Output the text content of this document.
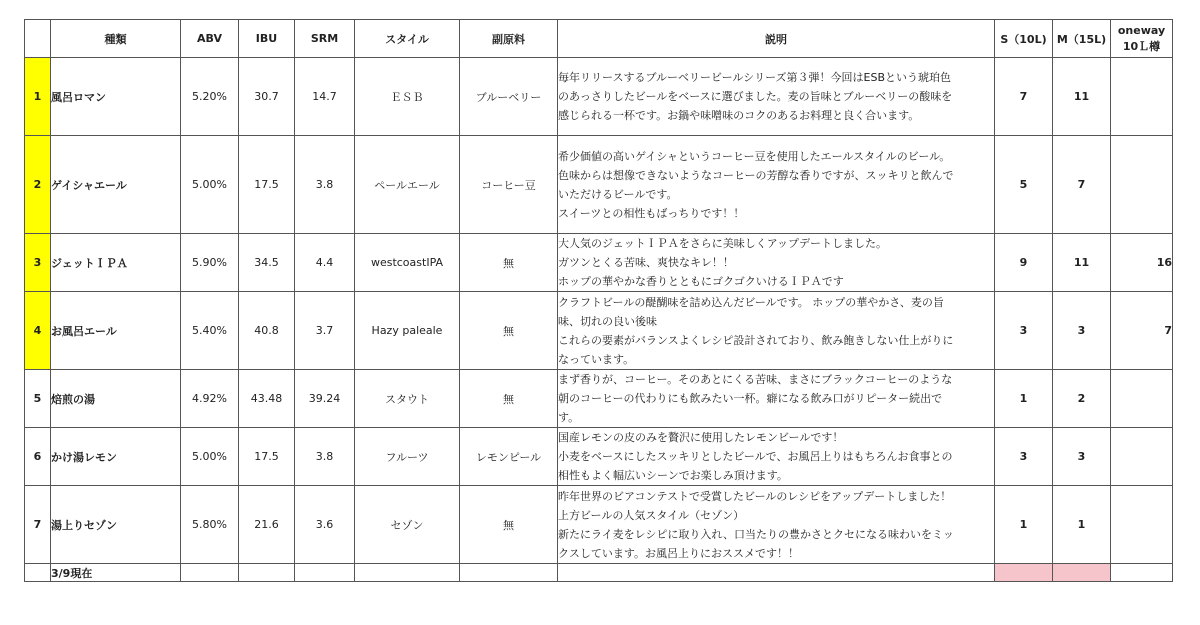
	種類	ABV	IBU	SRM	スタイル	副原料	説明	S（10L)	M（15L)	oneway
10Ｌ樽
1	風呂ロマン	5.20%	30.7	14.7	ＥＳＢ	ブルーベリー	毎年リリースするブルーベリービールシリーズ第３弾！今回はESBという琥珀色
のあっさりしたビールをベースに選びました。麦の旨味とブルーベリーの酸味を
感じられる一杯です。お鍋や味噌味のコクのあるお料理と良く合います。	7	11	
2	ゲイシャエール	5.00%	17.5	3.8	ペールエール	コーヒー豆	希少価値の高いゲイシャというコーヒー豆を使用したエールスタイルのビール。
色味からは想像できないようなコーヒーの芳醇な香りですが、スッキリと飲んで
いただけるビールです。
スイーツとの相性もばっちりです！！	5	7	
3	ジェットＩＰＡ	5.90%	34.5	4.4	westcoastIPA	無	大人気のジェットＩＰＡをさらに美味しくアップデートしました。
ガツンとくる苦味、爽快なキレ！！
ホップの華やかな香りとともにゴクゴクいけるＩＰＡです	9	11	16
4	お風呂エール	5.40%	40.8	3.7	Hazy paleale	無	クラフトビールの醍醐味を詰め込んだビールです。 ホップの華やかさ、麦の旨
味、切れの良い後味
これらの要素がバランスよくレシピ設計されており、飲み飽きしない仕上がりに
なっています。	3	3	7
5	焙煎の湯	4.92%	43.48	39.24	スタウト	無	まず香りが、コーヒー。そのあとにくる苦味、まさにブラックコーヒーのような
朝のコーヒーの代わりにも飲みたい一杯。癖になる飲み口がリピーター続出で
す。	1	2	
6	かけ湯レモン	5.00%	17.5	3.8	フルーツ	レモンピール	国産レモンの皮のみを贅沢に使用したレモンビールです！
小麦をベースにしたスッキリとしたビールで、お風呂上りはもちろんお食事との
相性もよく幅広いシーンでお楽しみ頂けます。	3	3	
7	湯上りセゾン	5.80%	21.6	3.6	セゾン	無	昨年世界のビアコンテストで受賞したビールのレシピをアップデートしました！
上方ビールの人気スタイル（セゾン）
新たにライ麦をレシピに取り入れ、口当たりの豊かさとクセになる味わいをミッ
クスしています。お風呂上りにおススメです！！	1	1	
	3/9現在									
